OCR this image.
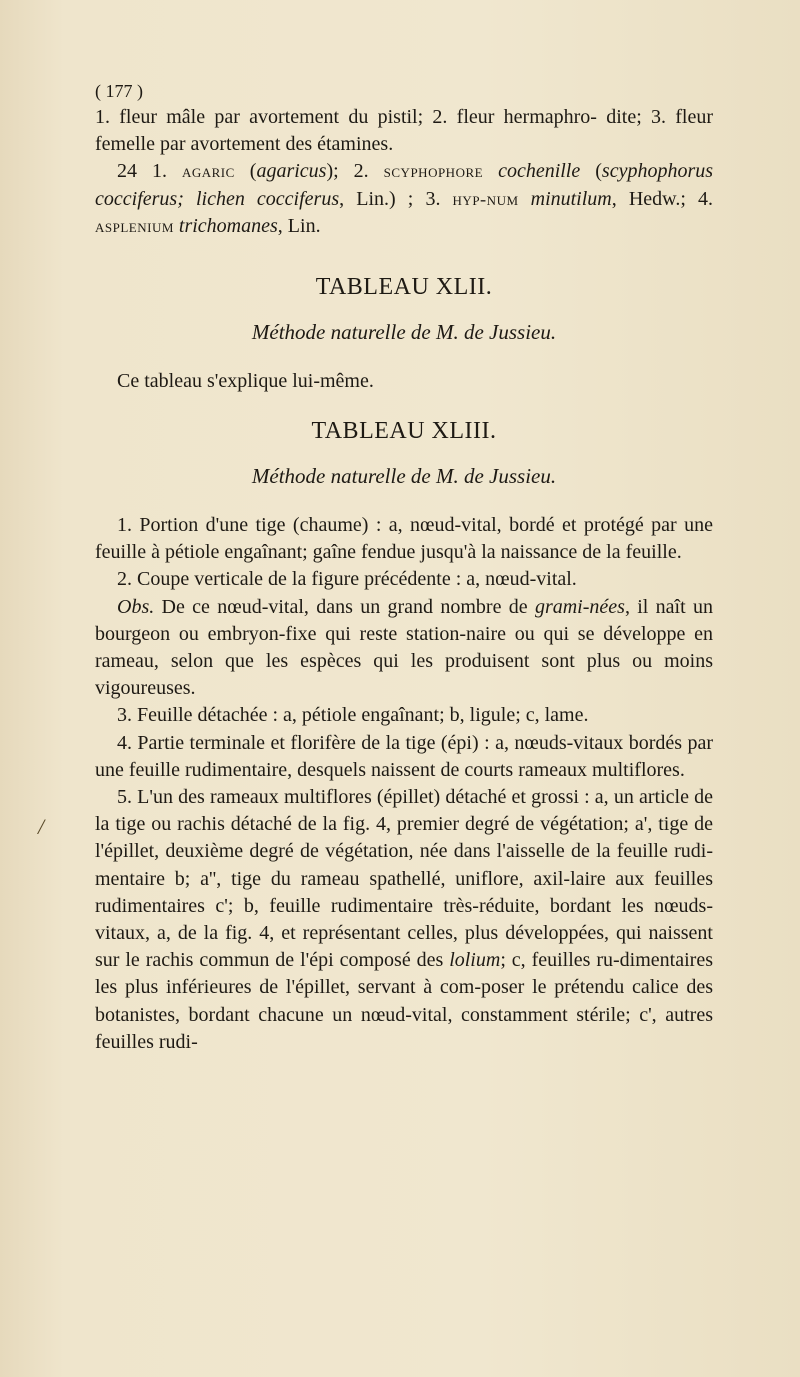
/

( 177 )

1. fleur mâle par avortement du pistil; 2. fleur hermaphro- dite; 3. fleur femelle par avortement des étamines.

24 1. agaric (agaricus); 2. scyphophore cochenille (scyphophorus cocciferus; lichen cocciferus, Lin.) ; 3. hyp-num minutilum, Hedw.; 4. asplenium trichomanes, Lin.

TABLEAU XLII.

Méthode naturelle de M. de Jussieu.

Ce tableau s'explique lui-même.

TABLEAU XLIII.

Méthode naturelle de M. de Jussieu.

1. Portion d'une tige (chaume) : a, nœud-vital, bordé et protégé par une feuille à pétiole engaînant; gaîne fendue jusqu'à la naissance de la feuille.

2. Coupe verticale de la figure précédente : a, nœud-vital.

Obs. De ce nœud-vital, dans un grand nombre de grami-nées, il naît un bourgeon ou embryon-fixe qui reste station-naire ou qui se développe en rameau, selon que les espèces qui les produisent sont plus ou moins vigoureuses.

3. Feuille détachée : a, pétiole engaînant; b, ligule; c, lame.

4. Partie terminale et florifère de la tige (épi) : a, nœuds-vitaux bordés par une feuille rudimentaire, desquels naissent de courts rameaux multiflores.

5. L'un des rameaux multiflores (épillet) détaché et grossi : a, un article de la tige ou rachis détaché de la fig. 4, premier degré de végétation; a', tige de l'épillet, deuxième degré de végétation, née dans l'aisselle de la feuille rudi-mentaire b; a'', tige du rameau spathellé, uniflore, axil-laire aux feuilles rudimentaires c'; b, feuille rudimentaire très-réduite, bordant les nœuds-vitaux, a, de la fig. 4, et représentant celles, plus développées, qui naissent sur le rachis commun de l'épi composé des lolium; c, feuilles ru-dimentaires les plus inférieures de l'épillet, servant à com-poser le prétendu calice des botanistes, bordant chacune un nœud-vital, constamment stérile; c', autres feuilles rudi-
